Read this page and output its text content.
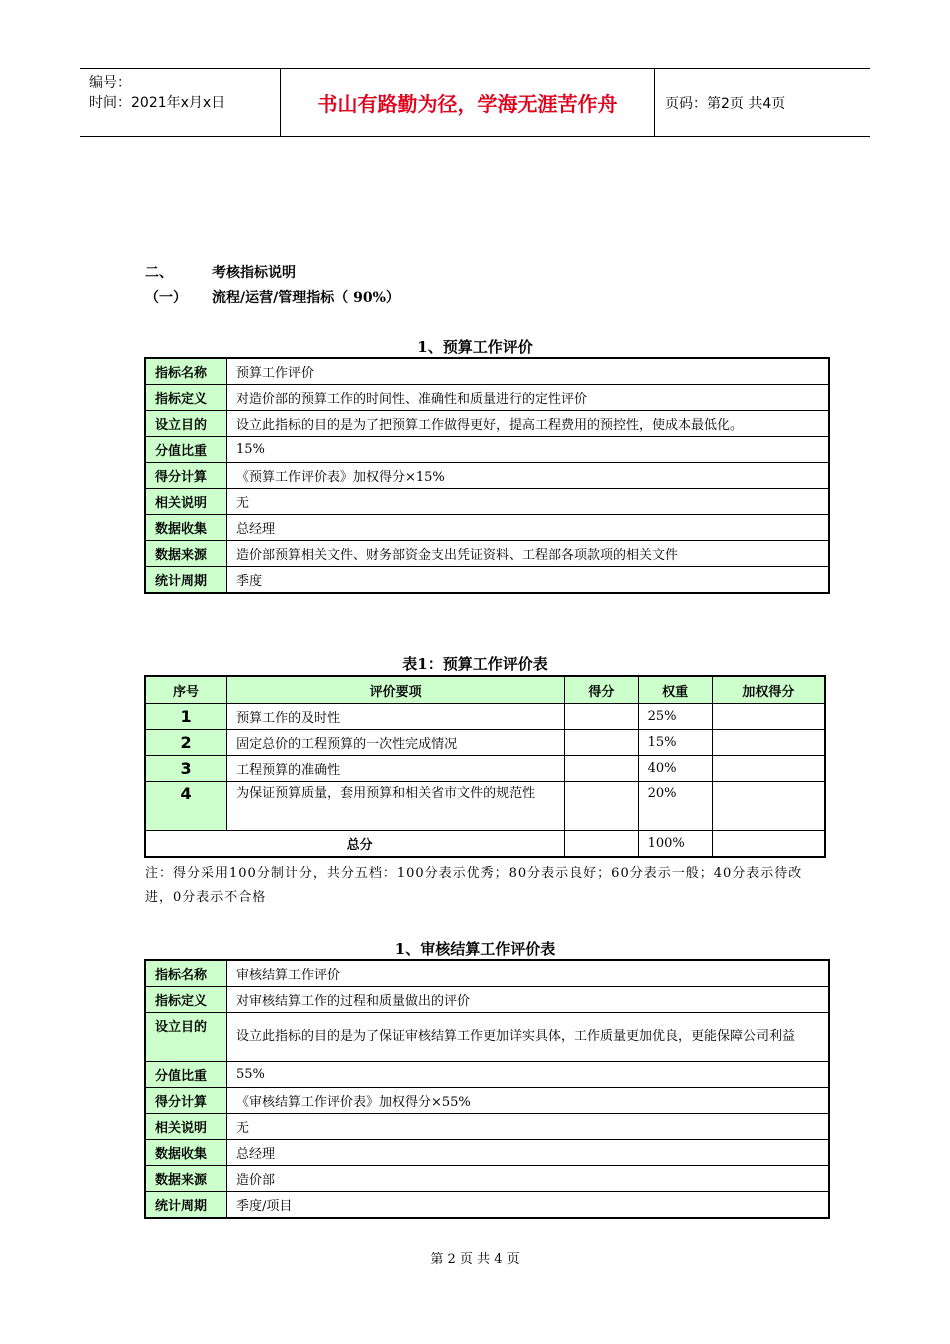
编号：
时间：2021年x月x日	书山有路勤为径，学海无涯苦作舟	页码：第2页 共4页
二、	考核指标说明
（一） 流程/运营/管理指标（ 90%）
1、预算工作评价
指标名称	预算工作评价
指标定义	对造价部的预算工作的时间性、准确性和质量进行的定性评价
设立目的	设立此指标的目的是为了把预算工作做得更好，提高工程费用的预控性，使成本最低化。
分值比重	15%
得分计算	《预算工作评价表》加权得分×15%
相关说明	无
数据收集	总经理
数据来源	造价部预算相关文件、财务部资金支出凭证资料、工程部各项款项的相关文件
统计周期	季度
表1：预算工作评价表
序号	评价要项	得分	权重	加权得分
1	预算工作的及时性		25%	
2	固定总价的工程预算的一次性完成情况		15%	
3	工程预算的准确性		40%	
4	为保证预算质量，套用预算和相关省市文件的规范性		20%	
总分			100%	
注：得分采用100分制计分，共分五档：100分表示优秀；80分表示良好；60分表示一般；40分表示待改进，0分表示不合格
1、审核结算工作评价表
指标名称	审核结算工作评价
指标定义	对审核结算工作的过程和质量做出的评价
设立目的	设立此指标的目的是为了保证审核结算工作更加详实具体，工作质量更加优良，更能保障公司利益
分值比重	55%
得分计算	《审核结算工作评价表》加权得分×55%
相关说明	无
数据收集	总经理
数据来源	造价部
统计周期	季度/项目
第 2 页 共 4 页
